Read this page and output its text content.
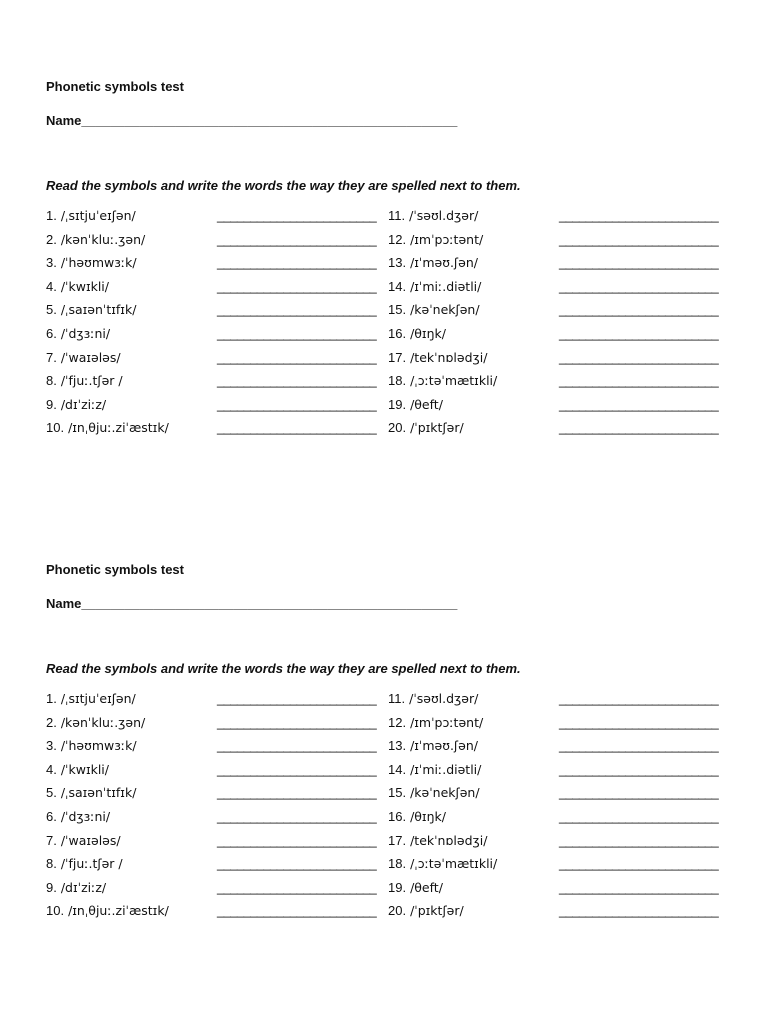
Phonetic symbols test
Name____________________________________________________
Read the symbols and write the words the way they are spelled next to them.
1. /ˌsɪtjuˈeɪʃǝn/	________________________
2. /kənˈkluː.ʒǝn/	________________________
3. /ˈhəʊmwɜːk/	________________________
4. /ˈkwɪkli/	________________________
5. /ˌsaɪənˈtɪfɪk/	________________________
6. /ˈdʒɜːni/	________________________
7. /ˈwaɪələs/	________________________
8. /ˈfjuː.tʃǝr /	________________________
9. /dɪˈziːz/	________________________
10. /ɪnˌθjuː.ziˈæstɪk/	________________________
11. /ˈsəʊl.dʒǝr/	________________________
12. /ɪmˈpɔːtǝnt/	________________________
13. /ɪˈməʊ.ʃǝn/	________________________
14. /ɪˈmiː.diətli/	________________________
15. /kəˈnekʃǝn/	________________________
16. /θɪŋk/	________________________
17. /tekˈnɒlədʒi/	________________________
18. /ˌɔːtəˈmætɪkli/	________________________
19. /θeft/	________________________
20. /ˈpɪktʃǝr/	________________________
Phonetic symbols test
Name____________________________________________________
Read the symbols and write the words the way they are spelled next to them.
1. /ˌsɪtjuˈeɪʃǝn/	________________________
2. /kənˈkluː.ʒǝn/	________________________
3. /ˈhəʊmwɜːk/	________________________
4. /ˈkwɪkli/	________________________
5. /ˌsaɪənˈtɪfɪk/	________________________
6. /ˈdʒɜːni/	________________________
7. /ˈwaɪələs/	________________________
8. /ˈfjuː.tʃǝr /	________________________
9. /dɪˈziːz/	________________________
10. /ɪnˌθjuː.ziˈæstɪk/	________________________
11. /ˈsəʊl.dʒǝr/	________________________
12. /ɪmˈpɔːtǝnt/	________________________
13. /ɪˈməʊ.ʃǝn/	________________________
14. /ɪˈmiː.diətli/	________________________
15. /kəˈnekʃǝn/	________________________
16. /θɪŋk/	________________________
17. /tekˈnɒlədʒi/	________________________
18. /ˌɔːtəˈmætɪkli/	________________________
19. /θeft/	________________________
20. /ˈpɪktʃǝr/	________________________
